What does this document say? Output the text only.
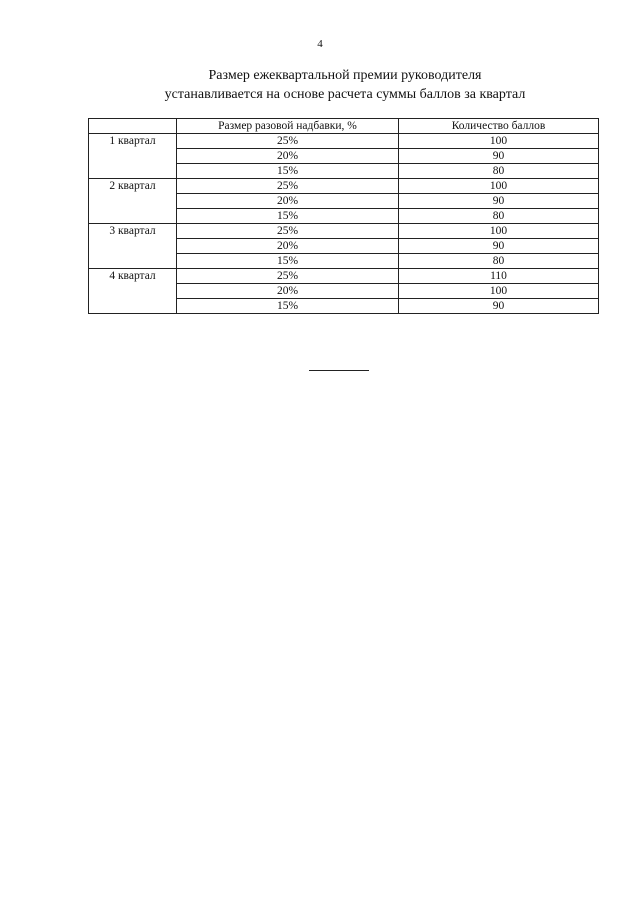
4
Размер ежеквартальной премии руководителя
устанавливается на основе расчета суммы баллов за квартал
	Размер разовой надбавки, %	Количество баллов
1 квартал	25%	100
	20%	90
	15%	80
2 квартал	25%	100
	20%	90
	15%	80
3 квартал	25%	100
	20%	90
	15%	80
4 квартал	25%	110
	20%	100
	15%	90
